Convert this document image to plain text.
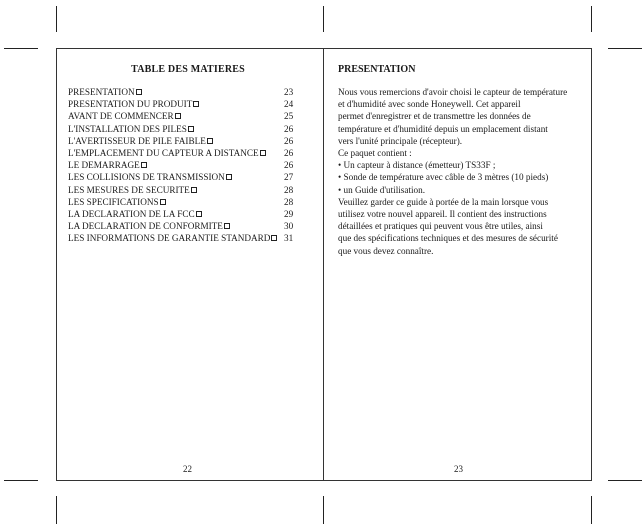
TABLE DES MATIERES
PRESENTATION	23
PRESENTATION DU PRODUIT	24
AVANT DE COMMENCER	25
L'INSTALLATION DES PILES	26
L'AVERTISSEUR DE PILE FAIBLE	26
L'EMPLACEMENT DU CAPTEUR A DISTANCE	26
LE DEMARRAGE	26
LES COLLISIONS DE TRANSMISSION	27
LES MESURES DE SECURITE	28
LES SPECIFICATIONS	28
LA DECLARATION DE LA FCC	29
LA DECLARATION DE CONFORMITE	30
LES INFORMATIONS DE GARANTIE STANDARD	31
22
PRESENTATION
Nous vous remercions d'avoir choisi le capteur de température
et d'humidité avec sonde Honeywell. Cet appareil
permet d'enregistrer et de transmettre les données de
température et d'humidité depuis un emplacement distant
vers l'unité principale (récepteur).
Ce paquet contient :
• Un capteur à distance (émetteur) TS33F ;
• Sonde de température avec câble de 3 mètres (10 pieds)
• un Guide d'utilisation.
Veuillez garder ce guide à portée de la main lorsque vous
utilisez votre nouvel appareil. Il contient des instructions
détaillées et pratiques qui peuvent vous être utiles, ainsi
que des spécifications techniques et des mesures de sécurité
que vous devez connaître.
23
